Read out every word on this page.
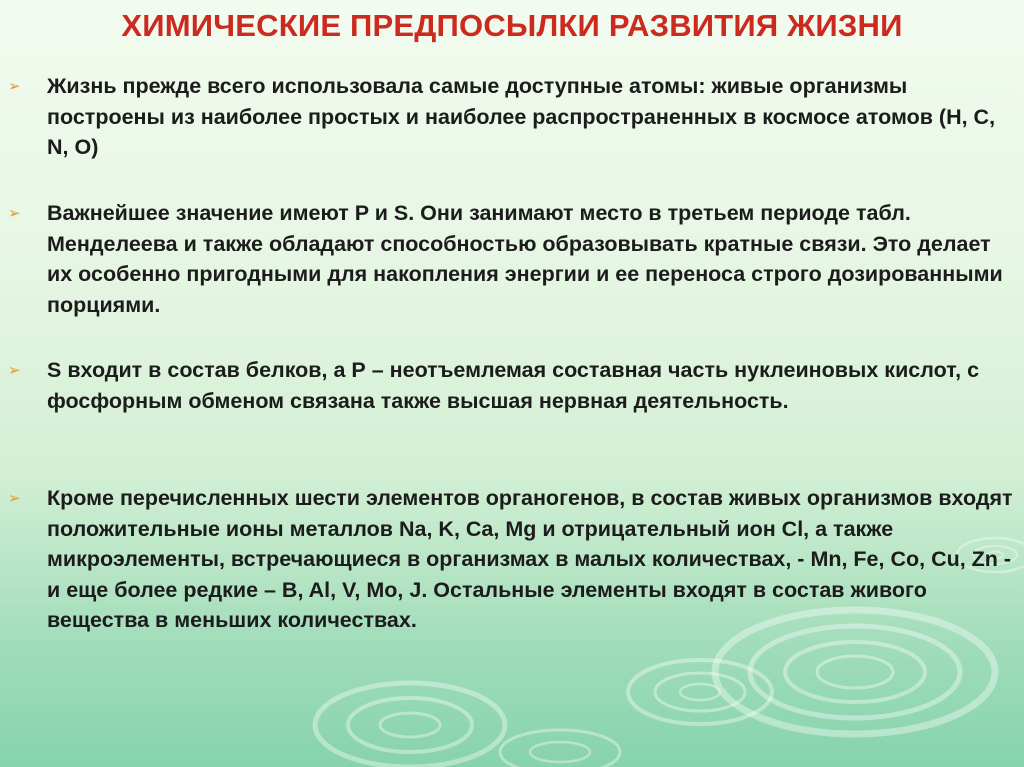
ХИМИЧЕСКИЕ ПРЕДПОСЫЛКИ РАЗВИТИЯ ЖИЗНИ
➢ Жизнь прежде всего использовала самые доступные атомы: живые организмы построены из наиболее простых и наиболее распространенных в космосе атомов (H, C, N, O)

➢ Важнейшее значение имеют P и S. Они занимают место в третьем периоде табл. Менделеева и также обладают способностью образовывать кратные связи. Это делает их особенно пригодными для накопления энергии и ее переноса строго дозированными порциями.

➢ S входит в состав белков, а Р – неотъемлемая составная часть нуклеиновых кислот, с фосфорным обменом связана также высшая нервная деятельность.

➢ Кроме перечисленных шести элементов органогенов, в состав живых организмов входят положительные ионы металлов Na, K, Ca, Mg и отрицательный ион Cl, а также микроэлементы, встречающиеся в организмах в малых количествах, - Mn, Fe, Co, Cu, Zn - и еще более редкие – B, Al, V, Mo, J. Остальные элементы входят в состав живого вещества в меньших количествах.
